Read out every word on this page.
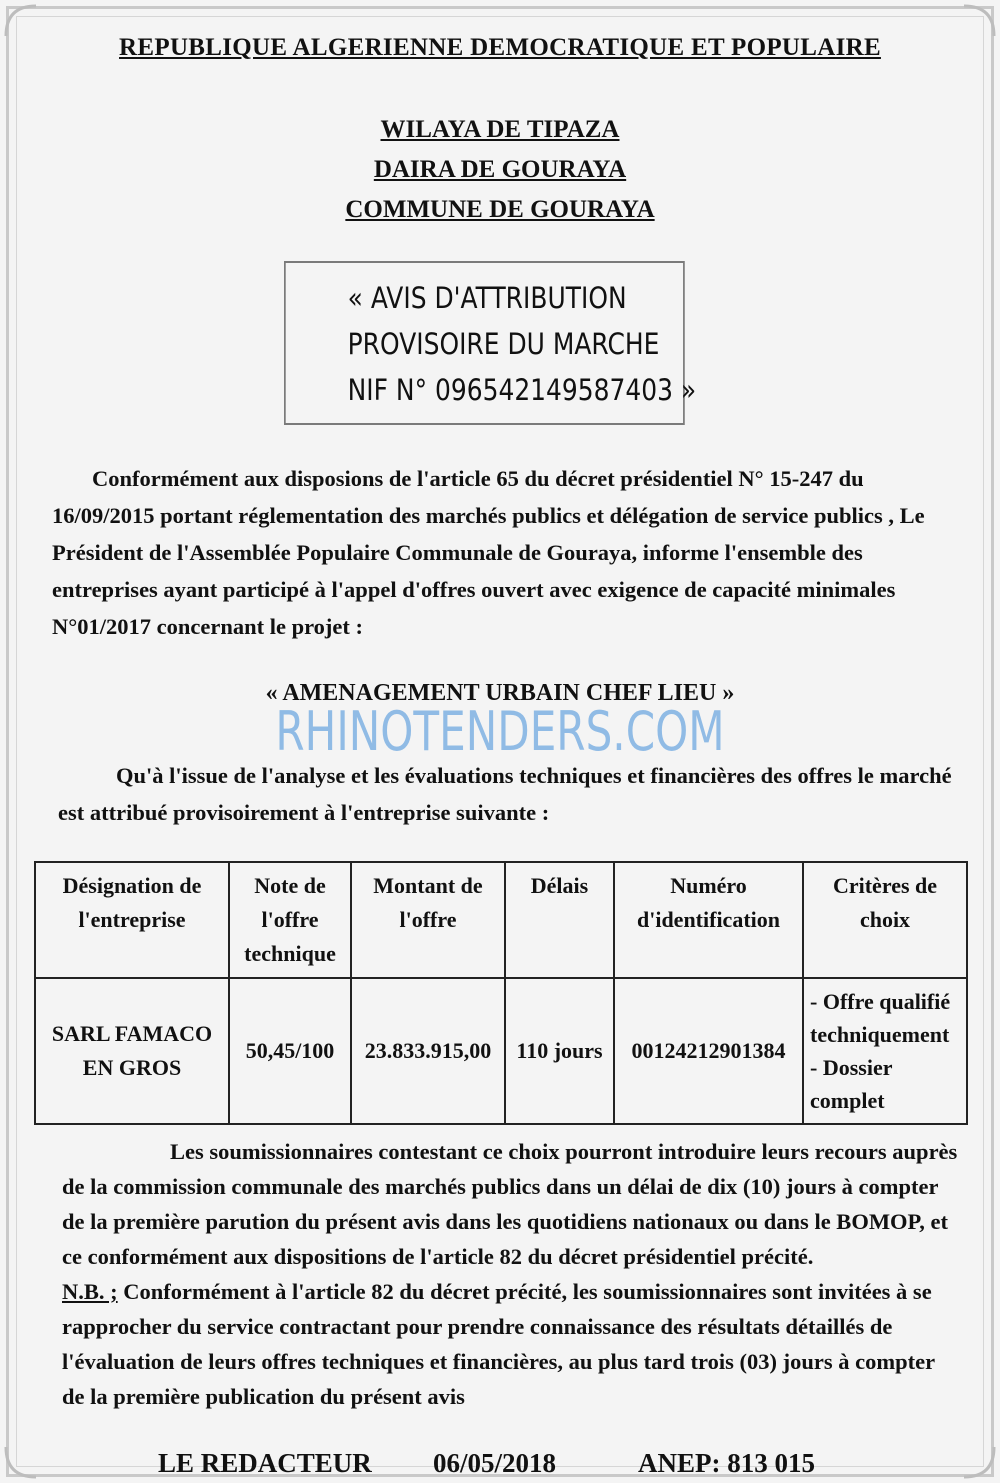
REPUBLIQUE ALGERIENNE DEMOCRATIQUE ET POPULAIRE
WILAYA DE TIPAZA
DAIRA DE GOURAYA
COMMUNE DE GOURAYA
« AVIS D'ATTRIBUTION
PROVISOIRE DU MARCHE
NIF N° 096542149587403 »
Conformément aux disposions de l'article 65 du décret présidentiel N° 15-247 du 16/09/2015 portant réglementation des marchés publics et délégation de service publics , Le Président de l'Assemblée Populaire Communale de Gouraya, informe l'ensemble des entreprises ayant participé à l'appel d'offres ouvert avec exigence de capacité minimales N°01/2017 concernant le projet :
« AMENAGEMENT URBAIN CHEF LIEU »
RHINOTENDERS.COM
Qu'à l'issue de l'analyse et les évaluations techniques et financières des offres le marché est attribué provisoirement à l'entreprise suivante :
Désignation de l'entreprise	Note de l'offre technique	Montant de l'offre	Délais	Numéro d'identification	Critères de choix
SARL FAMACO EN GROS	50,45/100	23.833.915,00	110 jours	00124212901384	- Offre qualifié techniquement
- Dossier complet
Les soumissionnaires contestant ce choix pourront introduire leurs recours auprès de la commission communale des marchés publics dans un délai de dix (10) jours à compter de la première parution du présent avis dans les quotidiens nationaux ou dans le BOMOP, et ce conformément aux dispositions de l'article 82 du décret présidentiel précité.
N.B. ; Conformément à l'article 82 du décret précité, les soumissionnaires sont invitées à se rapprocher du service contractant pour prendre connaissance des résultats détaillés de l'évaluation de leurs offres techniques et financières, au plus tard trois (03) jours à compter de la première publication du présent avis
LE REDACTEUR 06/05/2018	ANEP: 813 015
